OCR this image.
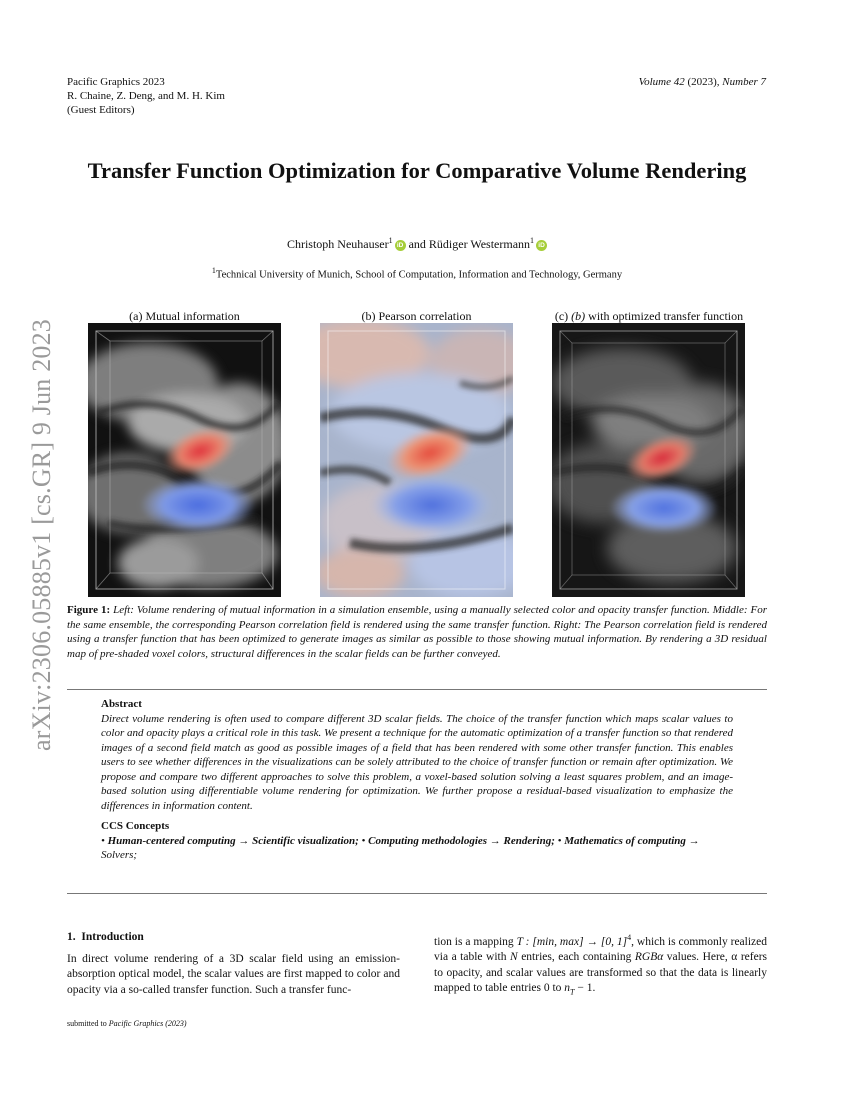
arXiv:2306.05885v1 [cs.GR] 9 Jun 2023
Pacific Graphics 2023
R. Chaine, Z. Deng, and M. H. Kim
(Guest Editors)
Volume 42 (2023), Number 7
Transfer Function Optimization for Comparative Volume Rendering
Christoph Neuhauser$^1$iD and Rüdiger Westermann$^1$iD
$^1$Technical University of Munich, School of Computation, Information and Technology, Germany
(a) Mutual information	(b) Pearson correlation	(c) (b) with optimized transfer function
Figure 1: Left: Volume rendering of mutual information in a simulation ensemble, using a manually selected color and opacity transfer function. Middle: For the same ensemble, the corresponding Pearson correlation field is rendered using the same transfer function. Right: The Pearson correlation field is rendered using a transfer function that has been optimized to generate images as similar as possible to those showing mutual information. By rendering a 3D residual map of pre-shaded voxel colors, structural differences in the scalar fields can be further conveyed.
Abstract
Direct volume rendering is often used to compare different 3D scalar fields. The choice of the transfer function which maps scalar values to color and opacity plays a critical role in this task. We present a technique for the automatic optimization of a transfer function so that rendered images of a second field match as good as possible images of a field that has been rendered with some other transfer function. This enables users to see whether differences in the visualizations can be solely attributed to the choice of transfer function or remain after optimization. We propose and compare two different approaches to solve this problem, a voxel-based solution solving a least squares problem, and an image-based solution using differentiable volume rendering for optimization. We further propose a residual-based visualization to emphasize the differences in information content.
CCS Concepts
• Human-centered computing → Scientific visualization; • Computing methodologies → Rendering; • Mathematics of computing → Solvers;
1.  Introduction
In direct volume rendering of a 3D scalar field using an emission-absorption optical model, the scalar values are first mapped to color and opacity via a so-called transfer function. Such a transfer func-
tion is a mapping T : [min, max] → [0, 1]$^4$, which is commonly realized via a table with N entries, each containing RGBα values. Here, α refers to opacity, and scalar values are transformed so that the data is linearly mapped to table entries 0 to $n_T - 1$.
submitted to Pacific Graphics (2023)
